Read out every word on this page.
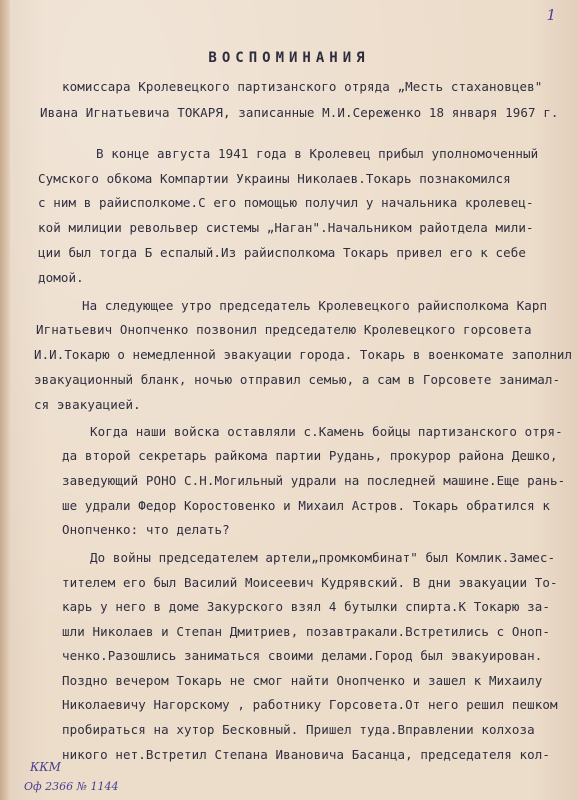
1
ВОСПОМИНАНИЯ
комиссара Кролевецкого партизанского отряда „Месть стахановцев"
Ивана Игнатьевича ТОКАРЯ, записанные М.И.Сереженко 18 января 1967 г.
В конце августа 1941 года в Кролевец прибыл уполномоченный
Сумского обкома Компартии Украины Николаев.Токарь познакомился
с ним в райисполкоме.С его помощью получил у начальника кролевец-
кой милиции револьвер системы „Наган".Начальником райотдела мили-
ции был тогда Б еспалый.Из райисполкома Токарь привел его к себе
домой.
На следующее утро председатель Кролевецкого райисполкома Карп
Игнатьевич Онопченко позвонил председателю Кролевецкого горсовета
И.И.Токарю о немедленной эвакуации города. Токарь в военкомате заполнил
эвакуационный бланк, ночью отправил семью, а сам в Горсовете занимал-
ся эвакуацией.
Когда наши войска оставляли с.Камень бойцы партизанского отря-
да второй секретарь райкома партии Рудань, прокурор района Дешко,
заведующий РОНО С.Н.Могильный удрали на последней машине.Еще рань-
ше удрали Федор Коростовенко и Михаил Астров. Токарь обратился к
Онопченко: что делать?
До войны председателем артели„промкомбинат" был Комлик.Замес-
тителем его был Василий Моисеевич Кудрявский. В дни эвакуации То-
карь у него в доме Закурского взял 4 бутылки спирта.К Токарю за-
шли Николаев и Степан Дмитриев, позавтракали.Встретились с Оноп-
ченко.Разошлись заниматься своими делами.Город был эвакуирован.
Поздно вечером Токарь не смог найти Онопченко и зашел к Михаилу
Николаевичу Нагорскому , работнику Горсовета.От него решил пешком
пробираться на хутор Бесковный. Пришел туда.Вправлении колхоза
никого нет.Встретил Степана Ивановича Басанца, председателя кол-
ККМ
Оф 2366 № 1144
